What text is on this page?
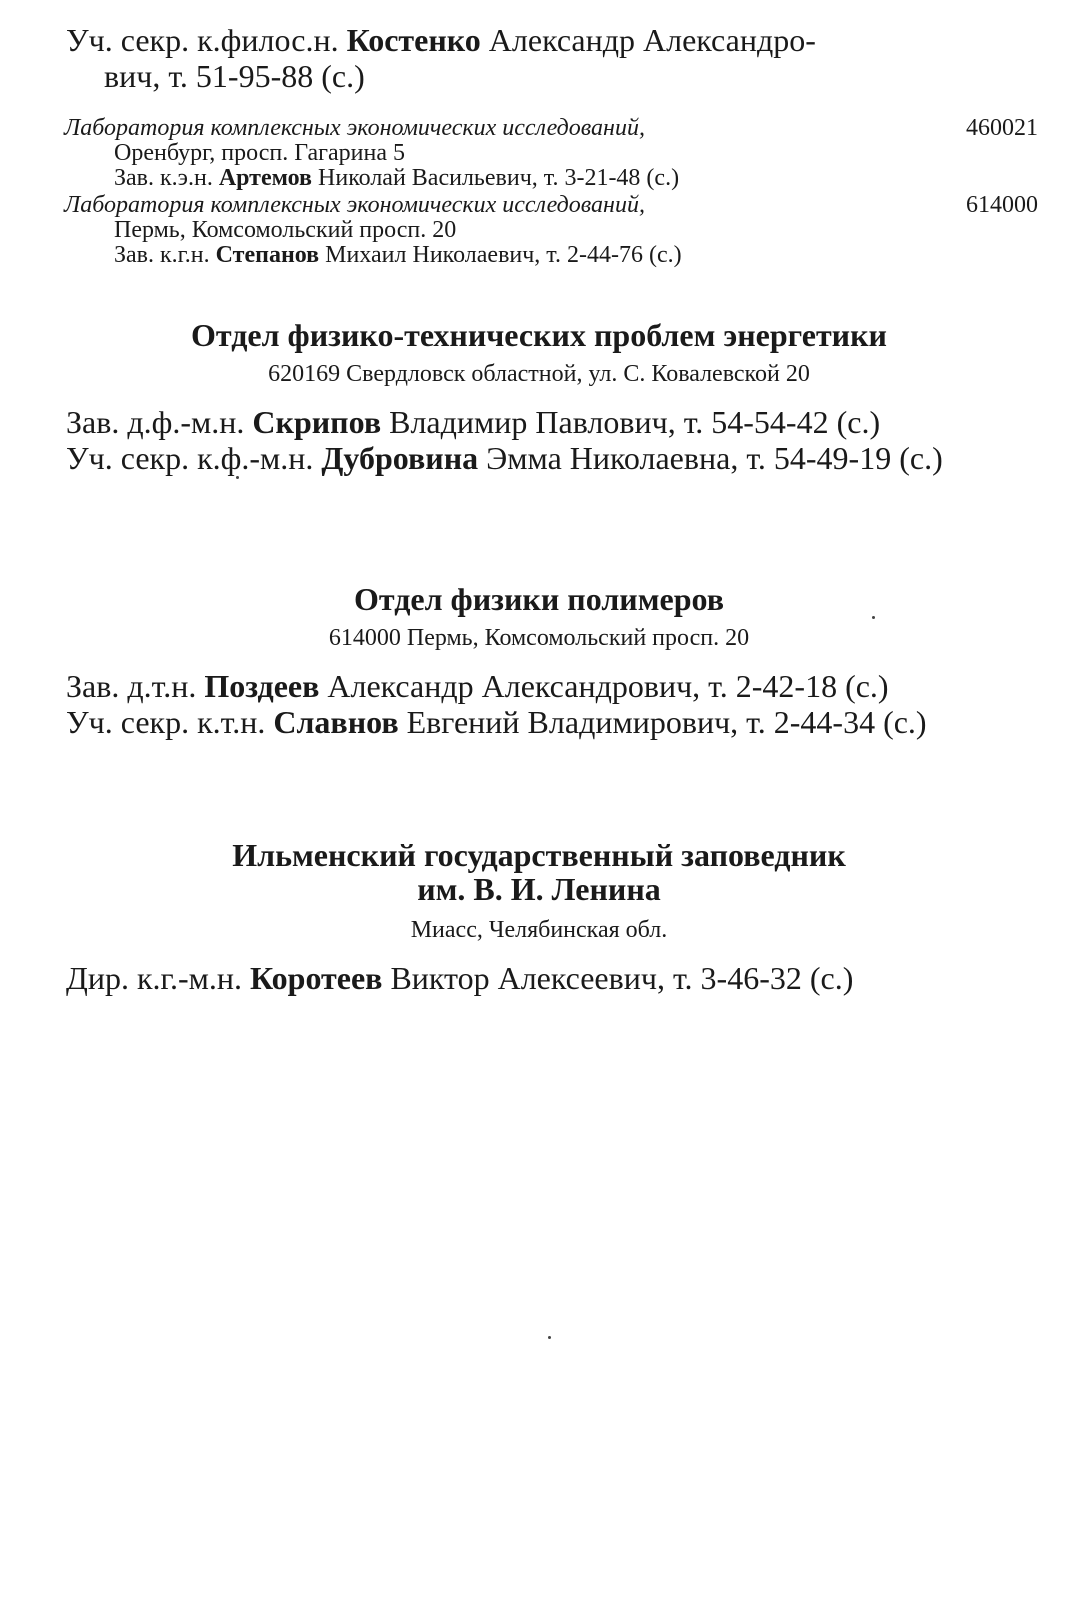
Уч. секр. к.филос.н. Костенко Александр Александро-
вич, т. 51-95-88 (с.)

Лаборатория комплексных экономических исследований,	460021
Оренбург, просп. Гагарина 5
Зав. к.э.н. Артемов Николай Васильевич, т. 3-21-48 (с.)

Лаборатория комплексных экономических исследований,	614000
Пермь, Комсомольский просп. 20
Зав. к.г.н. Степанов Михаил Николаевич, т. 2-44-76 (с.)

Отдел физико-технических проблем энергетики

620169 Свердловск областной, ул. С. Ковалевской 20

Зав. д.ф.-м.н. Скрипов Владимир Павлович, т. 54-54-42 (с.)

Уч. секр. к.ф.-м.н. Дубровина Эмма Николаевна, т. 54-49-19 (с.)

Отдел физики полимеров

614000 Пермь, Комсомольский просп. 20

Зав. д.т.н. Поздеев Александр Александрович, т. 2-42-18 (с.)

Уч. секр. к.т.н. Славнов Евгений Владимирович, т. 2-44-34 (с.)

Ильменский государственный заповедник

им. В. И. Ленина

Миасс, Челябинская обл.

Дир. к.г.-м.н. Коротеев Виктор Алексеевич, т. 3-46-32 (с.)
